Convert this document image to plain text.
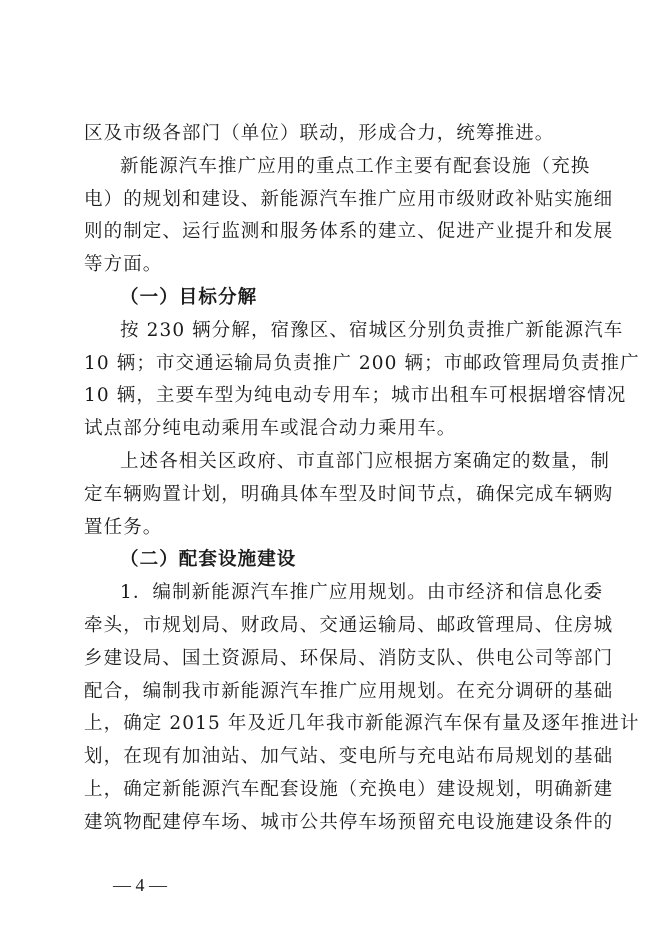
区及市级各部门（单位）联动，形成合力，统筹推进。
新能源汽车推广应用的重点工作主要有配套设施（充换
电）的规划和建设、新能源汽车推广应用市级财政补贴实施细
则的制定、运行监测和服务体系的建立、促进产业提升和发展
等方面。
（一）目标分解
按 230 辆分解，宿豫区、宿城区分别负责推广新能源汽车
10 辆；市交通运输局负责推广 200 辆；市邮政管理局负责推广
10 辆，主要车型为纯电动专用车；城市出租车可根据增容情况
试点部分纯电动乘用车或混合动力乘用车。
上述各相关区政府、市直部门应根据方案确定的数量，制
定车辆购置计划，明确具体车型及时间节点，确保完成车辆购
置任务。
（二）配套设施建设
1．编制新能源汽车推广应用规划。由市经济和信息化委
牵头，市规划局、财政局、交通运输局、邮政管理局、住房城
乡建设局、国土资源局、环保局、消防支队、供电公司等部门
配合，编制我市新能源汽车推广应用规划。在充分调研的基础
上，确定 2015 年及近几年我市新能源汽车保有量及逐年推进计
划，在现有加油站、加气站、变电所与充电站布局规划的基础
上，确定新能源汽车配套设施（充换电）建设规划，明确新建
建筑物配建停车场、城市公共停车场预留充电设施建设条件的
— 4 —
